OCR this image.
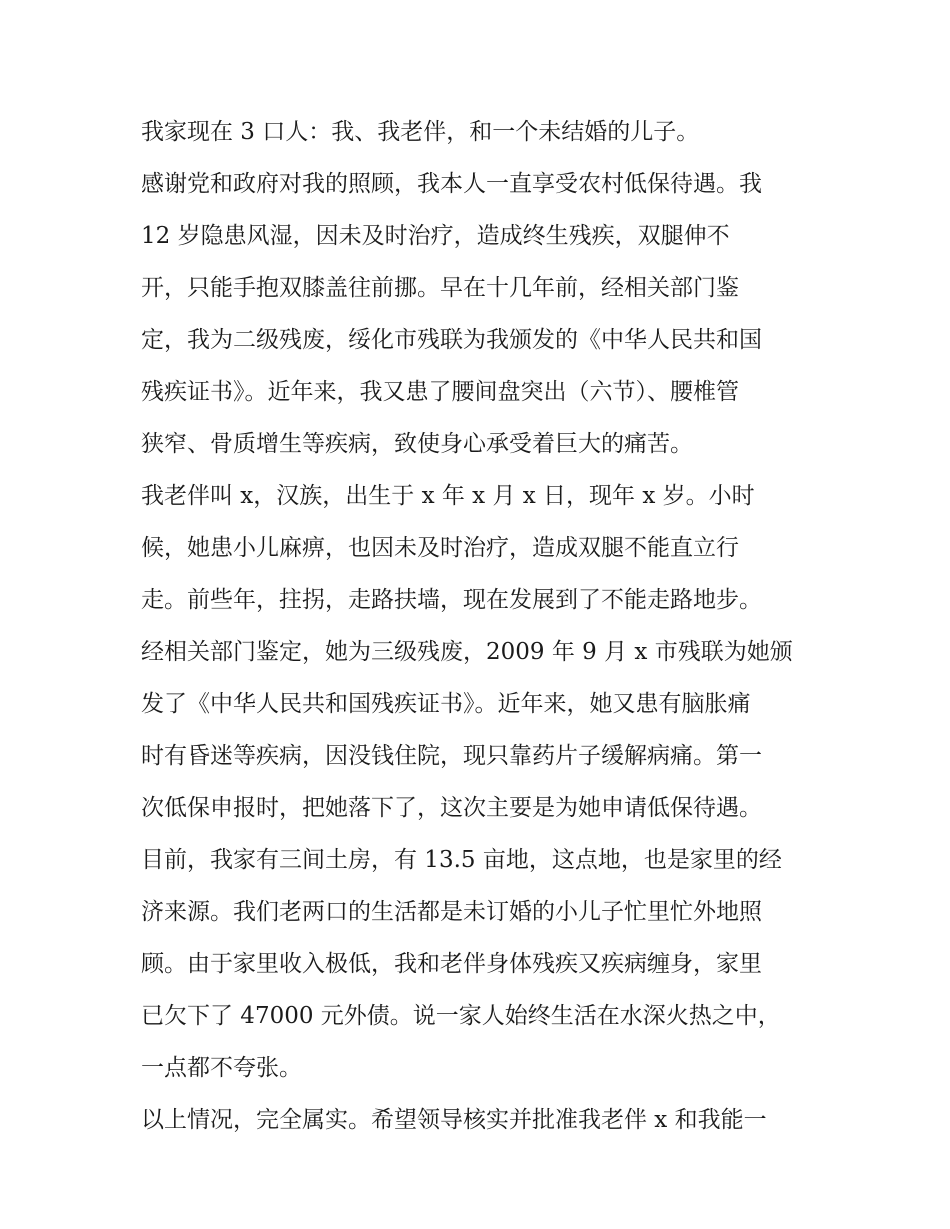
我家现在 3 口人：我、我老伴，和一个未结婚的儿子。
感谢党和政府对我的照顾，我本人一直享受农村低保待遇。我
12 岁隐患风湿，因未及时治疗，造成终生残疾，双腿伸不
开，只能手抱双膝盖往前挪。早在十几年前，经相关部门鉴
定，我为二级残废，绥化市残联为我颁发的《中华人民共和国
残疾证书》。近年来，我又患了腰间盘突出（六节）、腰椎管
狭窄、骨质增生等疾病，致使身心承受着巨大的痛苦。
我老伴叫 x，汉族，出生于 x 年 x 月 x 日，现年 x 岁。小时
候，她患小儿麻痹，也因未及时治疗，造成双腿不能直立行
走。前些年，拄拐，走路扶墙，现在发展到了不能走路地步。
经相关部门鉴定，她为三级残废，2009 年 9 月 x 市残联为她颁
发了《中华人民共和国残疾证书》。近年来，她又患有脑胀痛
时有昏迷等疾病，因没钱住院，现只靠药片子缓解病痛。第一
次低保申报时，把她落下了，这次主要是为她申请低保待遇。
目前，我家有三间土房，有 13.5 亩地，这点地，也是家里的经
济来源。我们老两口的生活都是未订婚的小儿子忙里忙外地照
顾。由于家里收入极低，我和老伴身体残疾又疾病缠身，家里
已欠下了 47000 元外债。说一家人始终生活在水深火热之中，
一点都不夸张。
以上情况，完全属实。希望领导核实并批准我老伴 x 和我能一
